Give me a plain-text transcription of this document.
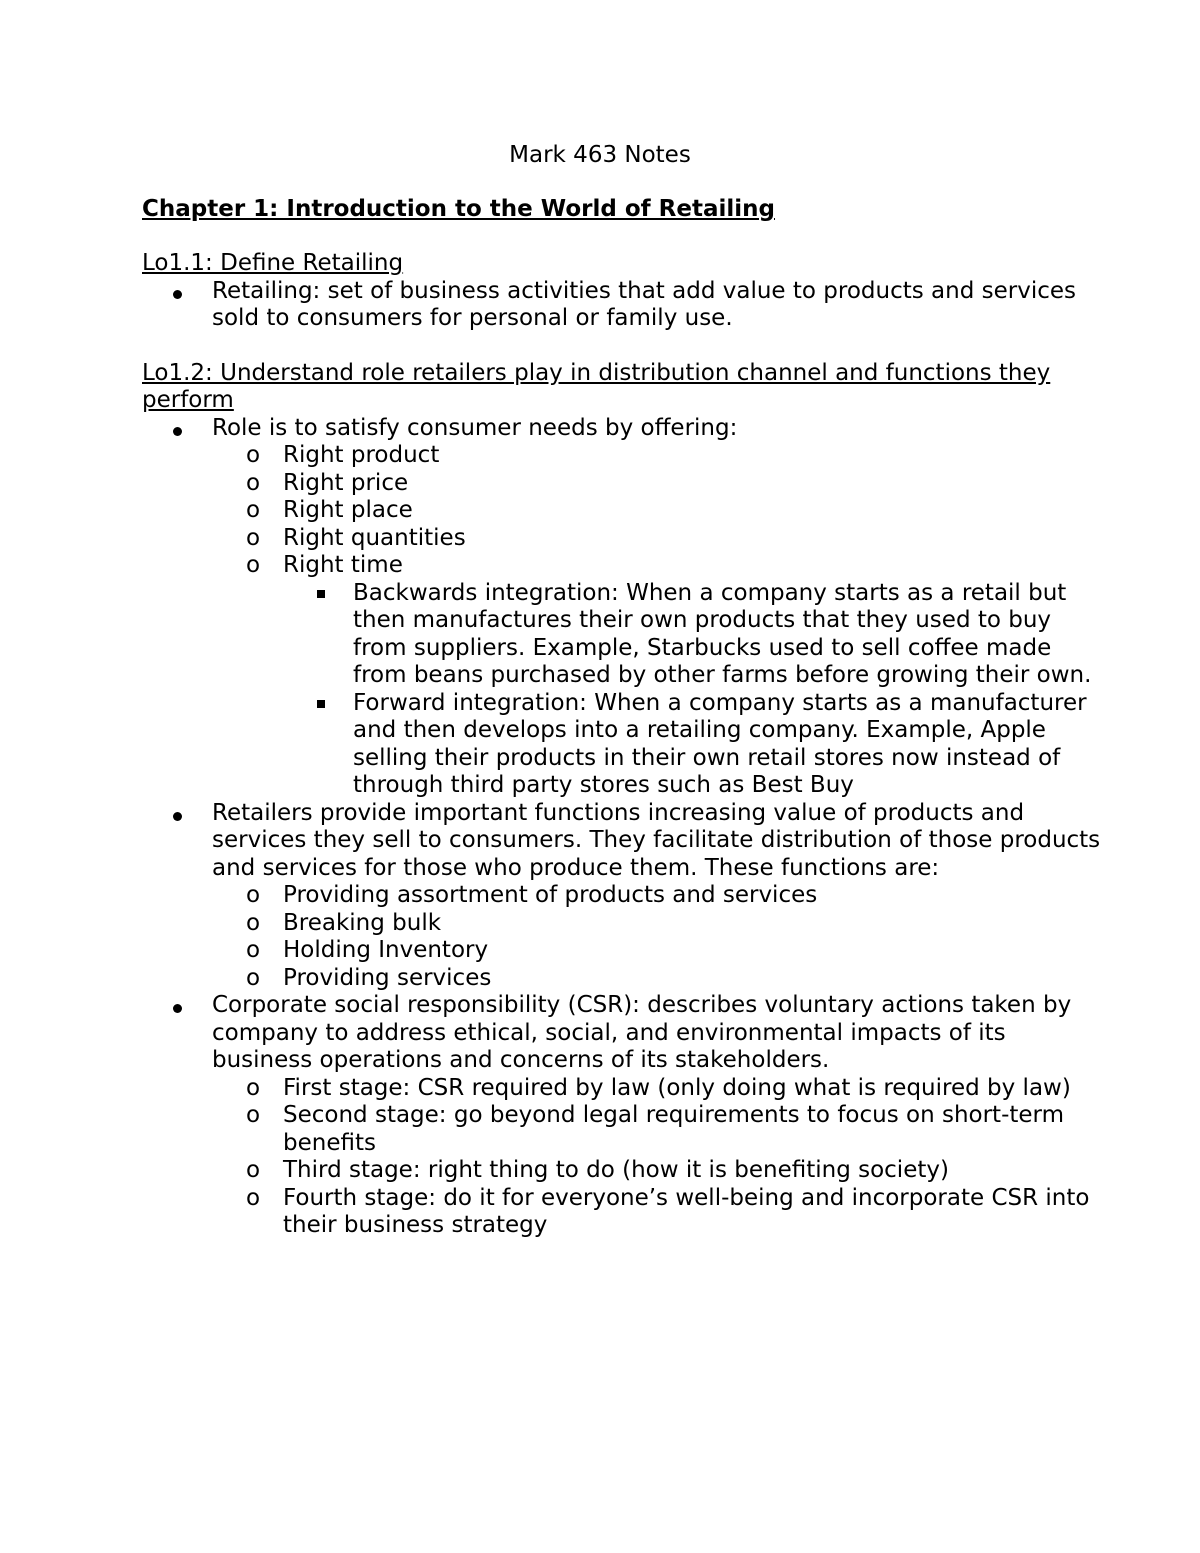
Mark 463 Notes
Chapter 1: Introduction to the World of Retailing
Lo1.1: Define Retailing
Retailing: set of business activities that add value to products and services sold to consumers for personal or family use.
Lo1.2: Understand role retailers play in distribution channel and functions they perform
Role is to satisfy consumer needs by offering:
o Right product
o Right price
o Right place
o Right quantities
o Right time
Backwards integration: When a company starts as a retail but then manufactures their own products that they used to buy from suppliers. Example, Starbucks used to sell coffee made from beans purchased by other farms before growing their own.
Forward integration: When a company starts as a manufacturer and then develops into a retailing company. Example, Apple selling their products in their own retail stores now instead of through third party stores such as Best Buy
Retailers provide important functions increasing value of products and services they sell to consumers. They facilitate distribution of those products and services for those who produce them. These functions are:
o Providing assortment of products and services
o Breaking bulk
o Holding Inventory
o Providing services
Corporate social responsibility (CSR): describes voluntary actions taken by company to address ethical, social, and environmental impacts of its business operations and concerns of its stakeholders.
o First stage: CSR required by law (only doing what is required by law)
o Second stage: go beyond legal requirements to focus on short-term benefits
o Third stage: right thing to do (how it is benefiting society)
o Fourth stage: do it for everyone’s well-being and incorporate CSR into their business strategy
